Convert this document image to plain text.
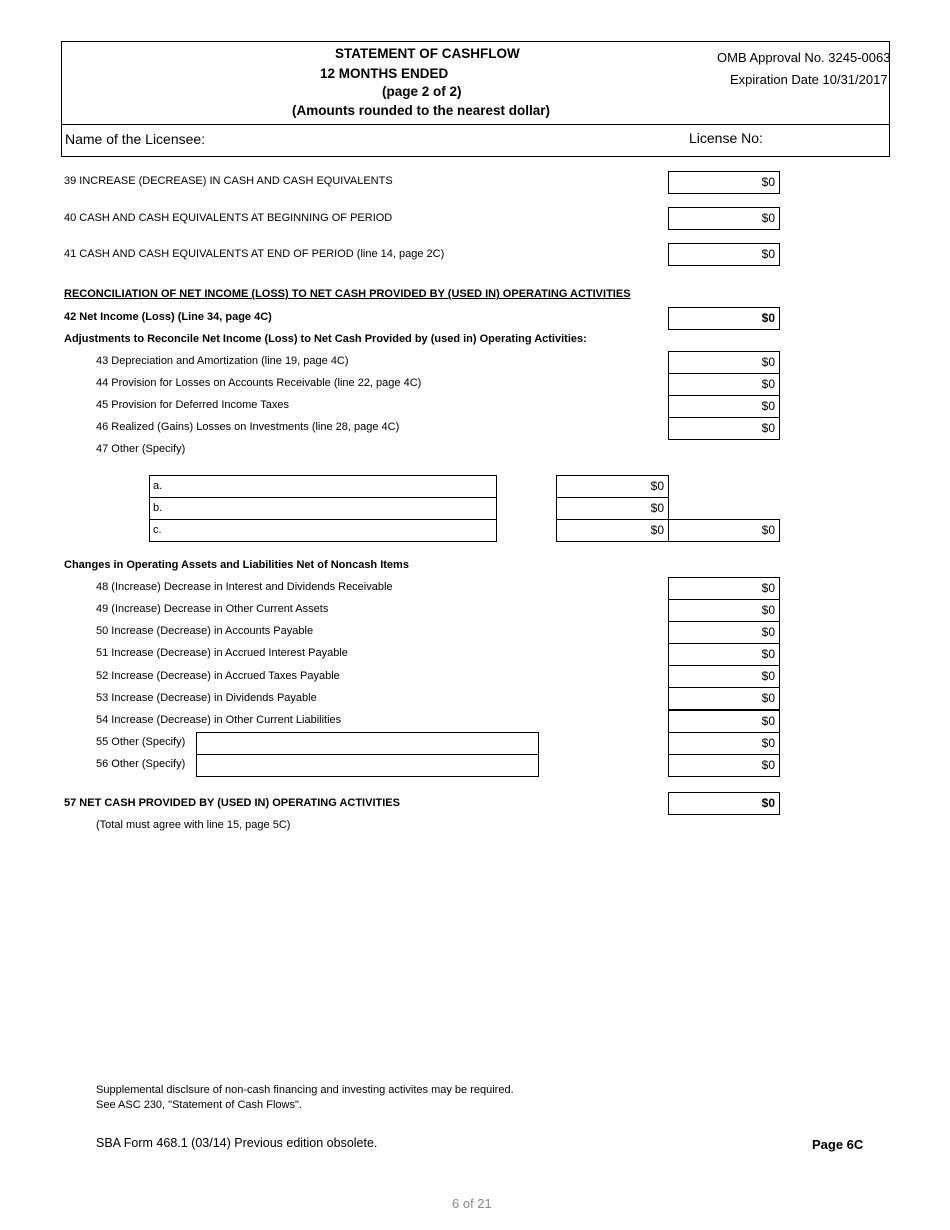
STATEMENT OF CASHFLOW
12 MONTHS ENDED
(page 2 of 2)
(Amounts rounded to the nearest dollar)
OMB Approval No. 3245-0063
Expiration Date 10/31/2017
Name of the Licensee:	License No:
39 INCREASE (DECREASE) IN CASH AND CASH EQUIVALENTS	$0
40 CASH AND CASH EQUIVALENTS AT BEGINNING OF PERIOD	$0
41 CASH AND CASH EQUIVALENTS AT END OF PERIOD (line 14, page 2C)	$0
RECONCILIATION OF NET INCOME (LOSS) TO NET CASH PROVIDED BY (USED IN) OPERATING ACTIVITIES
42 Net Income (Loss) (Line 34, page 4C)	$0
Adjustments to Reconcile Net Income (Loss) to Net Cash Provided by (used in) Operating Activities:
43 Depreciation and Amortization (line 19, page 4C)	$0
44 Provision for Losses on Accounts Receivable (line 22, page 4C)	$0
45 Provision for Deferred Income Taxes	$0
46 Realized (Gains) Losses on Investments (line 28, page 4C)	$0
47 Other (Specify)
a.	$0
b.	$0
c.	$0	$0
Changes in Operating Assets and Liabilities Net of Noncash Items
48 (Increase) Decrease in Interest and Dividends Receivable	$0
49 (Increase) Decrease in Other Current Assets	$0
50 Increase (Decrease) in Accounts Payable	$0
51 Increase (Decrease) in Accrued Interest Payable	$0
52 Increase (Decrease) in Accrued Taxes Payable	$0
53 Increase (Decrease) in Dividends Payable	$0
54 Increase (Decrease) in Other Current Liabilities	$0
55 Other (Specify)	$0
56 Other (Specify)	$0
57 NET CASH PROVIDED BY (USED IN) OPERATING ACTIVITIES	$0
(Total must agree with line 15, page 5C)
Supplemental disclsure of non-cash financing and investing activites may be required.
See ASC 230, "Statement of Cash Flows".
SBA Form 468.1 (03/14) Previous edition obsolete.	Page 6C
6 of 21
